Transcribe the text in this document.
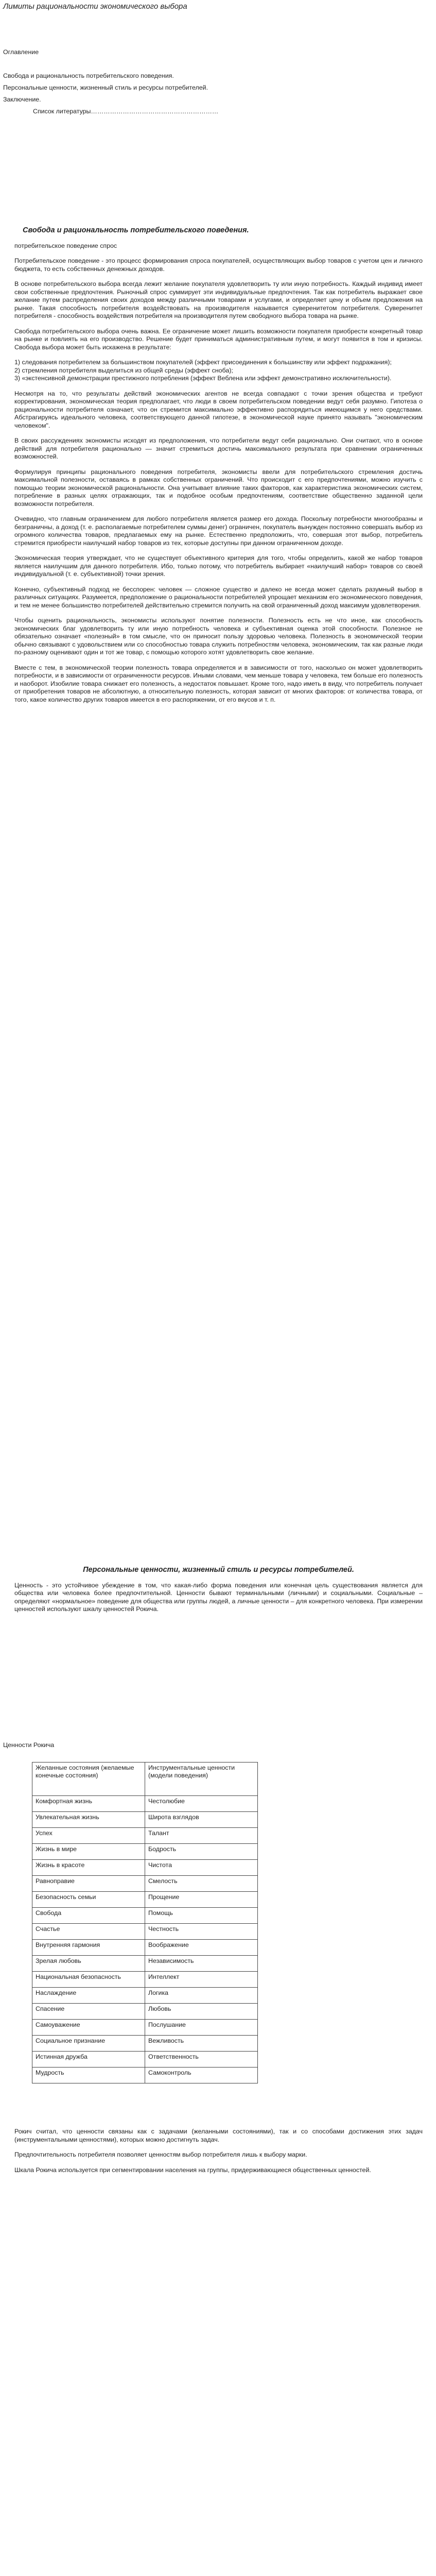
Лимиты рациональности экономического выбора

Оглавление

Свобода и рациональность потребительского поведения.

Персональные ценности, жизненный стиль и ресурсы потребителей.

Заключение.

Список литературы……………………………………………………

Свобода и рациональность потребительского поведения.

потребительское поведение спрос

Потребительское поведение - это процесс формирования спроса покупателей, осуществляющих выбор товаров с учетом цен и личного бюджета, то есть собственных денежных доходов.

В основе потребительского выбора всегда лежит желание покупателя удовлетворить ту или иную потребность. Каждый индивид имеет свои собственные предпочтения. Рыночный спрос суммирует эти индивидуальные предпочтения. Так как потребитель выражает свое желание путем распределения своих доходов между различными товарами и услугами, и определяет цену и объем предложения на рынке. Такая способность потребителя воздействовать на производителя называется суверенитетом потребителя. Суверенитет потребителя - способность воздействия потребителя на производителя путем свободного выбора товара на рынке.

Свобода потребительского выбора очень важна. Ее ограничение может лишить возможности покупателя приобрести конкретный товар на рынке и повлиять на его производство. Решение будет приниматься административным путем, и могут появится в том и кризисы. Свобода выбора может быть искажена в результате:

1) следования потребителем за большинством покупателей (эффект присоединения к большинству или эффект подражания);

2) стремления потребителя выделиться из общей среды (эффект сноба);

3) «экстенсивной демонстрации престижного потребления (эффект Веблена или эффект демонстративно исключительности).

Несмотря на то, что результаты действий экономических агентов не всегда совпадают с точки зрения общества и требуют корректирования, экономическая теория предполагает, что люди в своем потребительском поведении ведут себя разумно. Гипотеза о рациональности потребителя означает, что он стремится максимально эффективно распорядиться имеющимся у него средствами. Абстрагируясь идеального человека, соответствующего данной гипотезе, в экономической науке принято называть "экономическим человеком".

В своих рассуждениях экономисты исходят из предположения, что потребители ведут себя рационально. Они считают, что в основе действий для потребителя рационально — значит стремиться достичь максимального результата при сравнении ограниченных возможностей.

Формулируя принципы рационального поведения потребителя, экономисты ввели для потребительского стремления достичь максимальной полезности, оставаясь в рамках собственных ограничений. Что происходит с его предпочтениями, можно изучить с помощью теории экономической рациональности. Она учитывает влияние таких факторов, как характеристика экономических систем, потребление в разных целях отражающих, так и подобное особым предпочтениям, соответствие общественно заданной цели возможности потребителя.

Очевидно, что главным ограничением для любого потребителя является размер его дохода. Поскольку потребности многообразны и безграничны, а доход (т. е. располагаемые потребителем суммы денег) ограничен, покупатель вынужден постоянно совершать выбор из огромного количества товаров, предлагаемых ему на рынке. Естественно предположить, что, совершая этот выбор, потребитель стремится приобрести наилучший набор товаров из тех, которые доступны при данном ограниченном доходе.

Экономическая теория утверждает, что не существует объективного критерия для того, чтобы определить, какой же набор товаров является наилучшим для данного потребителя. Ибо, только потому, что потребитель выбирает «наилучший набор» товаров со своей индивидуальной (т. е. субъективной) точки зрения.

Конечно, субъективный подход не бесспорен: человек — сложное существо и далеко не всегда может сделать разумный выбор в различных ситуациях. Разумеется, предположение о рациональности потребителей упрощает механизм его экономического поведения, и тем не менее большинство потребителей действительно стремится получить на свой ограниченный доход максимум удовлетворения.

Чтобы оценить рациональность, экономисты используют понятие полезности. Полезность есть не что иное, как способность экономических благ удовлетворить ту или иную потребность человека и субъективная оценка этой способности. Полезное не обязательно означает «полезный» в том смысле, что он приносит пользу здоровью человека. Полезность в экономической теории обычно связывают с удовольствием или со способностью товара служить потребностям человека, экономическим, так как разные люди по-разному оценивают один и тот же товар, с помощью которого хотят удовлетворить свое желание.

Вместе с тем, в экономической теории полезность товара определяется и в зависимости от того, насколько он может удовлетворить потребности, и в зависимости от ограниченности ресурсов. Иными словами, чем меньше товара у человека, тем больше его полезность и наоборот. Изобилие товара снижает его полезность, а недостаток повышает. Кроме того, надо иметь в виду, что потребитель получает от приобретения товаров не абсолютную, а относительную полезность, которая зависит от многих факторов: от количества товара, от того, какое количество других товаров имеется в его распоряжении, от его вкусов и т. п.

Персональные ценности, жизненный стиль и ресурсы потребителей.

Ценность - это устойчивое убеждение в том, что какая-либо форма поведения или конечная цель существования является для общества или человека более предпочтительной. Ценности бывают терминальными (личными) и социальными. Социальные – определяют «нормальное» поведение для общества или группы людей, а личные ценности – для конкретного человека. При измерении ценностей используют шкалу ценностей Рокича.

Ценности Рокича
Желанные состояния (желаемые конечные состояния)	Инструментальные ценности (модели поведения)
Комфортная жизнь	Честолюбие
Увлекательная жизнь	Широта взглядов
Успех	Талант
Жизнь в мире	Бодрость
Жизнь в красоте	Чистота
Равноправие	Смелость
Безопасность семьи	Прощение
Свобода	Помощь
Счастье	Честность
Внутренняя гармония	Воображение
Зрелая любовь	Независимость
Национальная безопасность	Интеллект
Наслаждение	Логика
Спасение	Любовь
Самоуважение	Послушание
Социальное признание	Вежливость
Истинная дружба	Ответственность
Мудрость	Самоконтроль

Рокич считал, что ценности связаны как с задачами (желанными состояниями), так и со способами достижения этих задач (инструментальными ценностями), которых можно достигнуть задач.

Предпочтительность потребителя позволяет ценностям выбор потребителя лишь к выбору марки.

Шкала Рокича используется при сегментировании населения на группы, придерживающиеся общественных ценностей.
